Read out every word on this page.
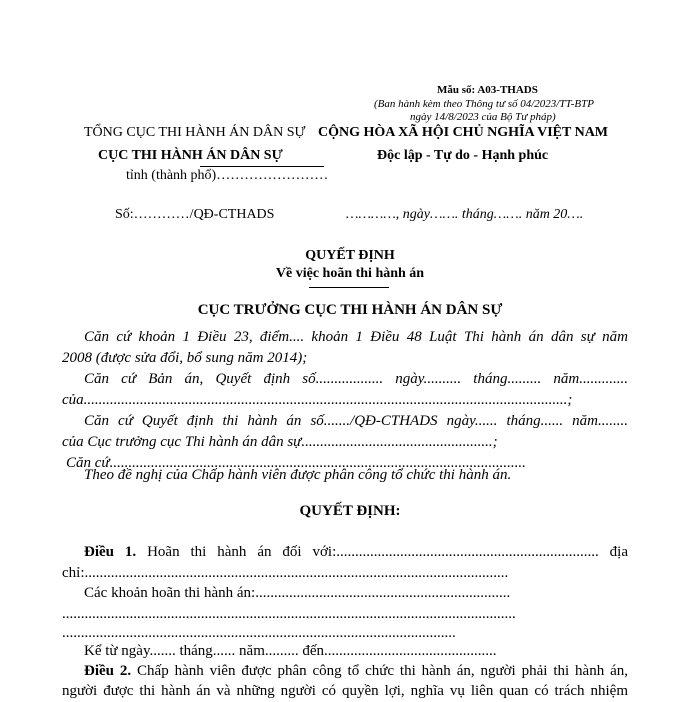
Mẫu số: A03-THADS
(Ban hành kèm theo Thông tư số 04/2023/TT-BTP
ngày 14/8/2023 của Bộ Tư pháp)
TỔNG CỤC THI HÀNH ÁN DÂN SỰ
CỤC THI HÀNH ÁN DÂN SỰ
tỉnh (thành phố)……………………
CỘNG HÒA XÃ HỘI CHỦ NGHĨA VIỆT NAM
Độc lập - Tự do - Hạnh phúc
Số:…………/QĐ-CTHADS	…………, ngày……. tháng……. năm 20….
QUYẾT ĐỊNH
Về việc hoãn thi hành án
CỤC TRƯỞNG CỤC THI HÀNH ÁN DÂN SỰ
Căn cứ khoản 1 Điều 23, điểm.... khoản 1 Điều 48 Luật Thi hành án dân sự năm
2008 (được sửa đổi, bổ sung năm 2014);
Căn cứ Bản án, Quyết định số.................. ngày.......... tháng......... năm.............
của.................................................................................................................................;
Căn cứ Quyết định thi hành án số......./QĐ-CTHADS ngày...... tháng...... năm........
của Cục trưởng cục Thi hành án dân sự...................................................;
Căn cứ...............................................................................................................
Theo đề nghị của Chấp hành viên được phân công tổ chức thi hành án.
QUYẾT ĐỊNH:
Điều 1. Hoãn thi hành án đối với:...................................................................... địa
chỉ:.................................................................................................................
Các khoản hoãn thi hành án:....................................................................
.........................................................................................................................
.........................................................................................................
Kể từ ngày....... tháng...... năm......... đến..............................................
Điều 2. Chấp hành viên được phân công tổ chức thi hành án, người phải thi hành án,
người được thi hành án và những người có quyền lợi, nghĩa vụ liên quan có trách nhiệm
